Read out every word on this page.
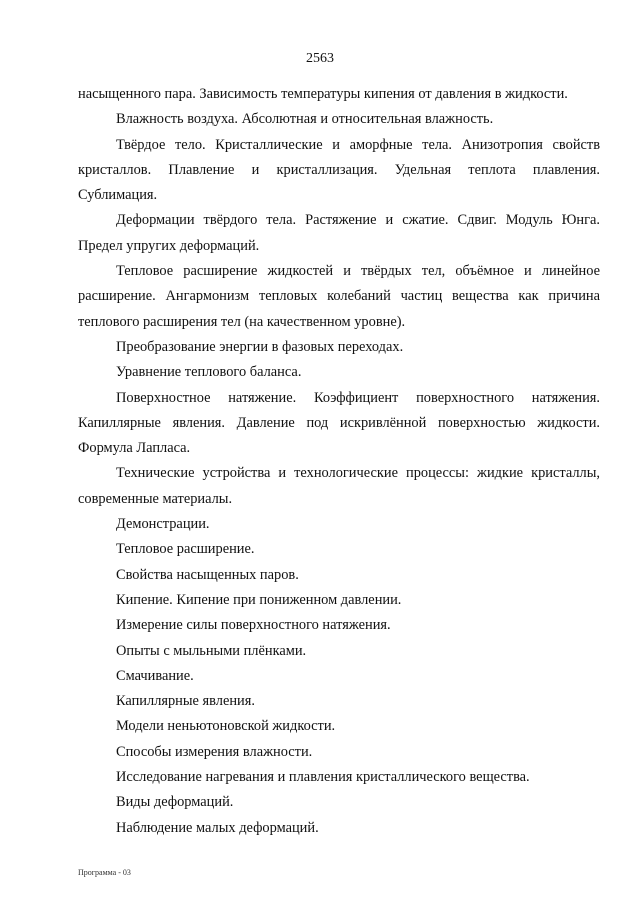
2563

насыщенного пара. Зависимость температуры кипения от давления в жидкости.

Влажность воздуха. Абсолютная и относительная влажность.

Твёрдое тело. Кристаллические и аморфные тела. Анизотропия свойств кристаллов. Плавление и кристаллизация. Удельная теплота плавления. Сублимация.

Деформации твёрдого тела. Растяжение и сжатие. Сдвиг. Модуль Юнга. Предел упругих деформаций.

Тепловое расширение жидкостей и твёрдых тел, объёмное и линейное расширение. Ангармонизм тепловых колебаний частиц вещества как причина теплового расширения тел (на качественном уровне).

Преобразование энергии в фазовых переходах.

Уравнение теплового баланса.

Поверхностное натяжение. Коэффициент поверхностного натяжения. Капиллярные явления. Давление под искривлённой поверхностью жидкости. Формула Лапласа.

Технические устройства и технологические процессы: жидкие кристаллы, современные материалы.

Демонстрации.

Тепловое расширение.

Свойства насыщенных паров.

Кипение. Кипение при пониженном давлении.

Измерение силы поверхностного натяжения.

Опыты с мыльными плёнками.

Смачивание.

Капиллярные явления.

Модели неньютоновской жидкости.

Способы измерения влажности.

Исследование нагревания и плавления кристаллического вещества.

Виды деформаций.

Наблюдение малых деформаций.

Программа - 03
